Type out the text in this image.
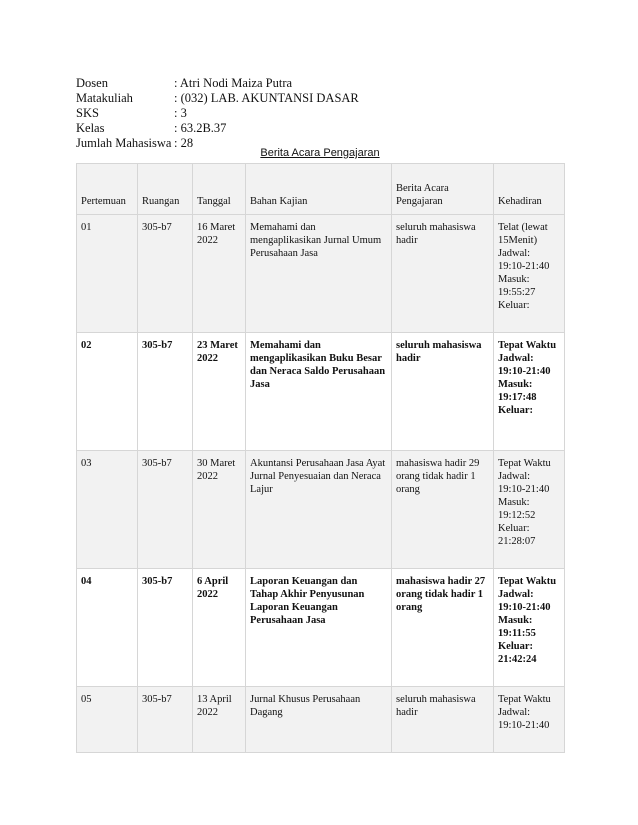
Dosen	: Atri Nodi Maiza Putra
Matakuliah	: (032) LAB. AKUNTANSI DASAR
SKS	: 3
Kelas	: 63.2B.37
Jumlah Mahasiswa : 28
Berita Acara Pengajaran
Pertemuan	Ruangan	Tanggal	Bahan Kajian	Berita Acara Pengajaran	Kehadiran
01	305-b7	16 Maret 2022	Memahami dan mengaplikasikan Jurnal Umum Perusahaan Jasa	seluruh mahasiswa hadir	Telat (lewat 15Menit) Jadwal: 19:10-21:40 Masuk: 19:55:27 Keluar:
02	305-b7	23 Maret 2022	Memahami dan mengaplikasikan Buku Besar dan Neraca Saldo Perusahaan Jasa	seluruh mahasiswa hadir	Tepat Waktu Jadwal: 19:10-21:40 Masuk: 19:17:48 Keluar:
03	305-b7	30 Maret 2022	Akuntansi Perusahaan Jasa Ayat Jurnal Penyesuaian dan Neraca Lajur	mahasiswa hadir 29 orang tidak hadir 1 orang	Tepat Waktu Jadwal: 19:10-21:40 Masuk: 19:12:52 Keluar: 21:28:07
04	305-b7	6 April 2022	Laporan Keuangan dan Tahap Akhir Penyusunan Laporan Keuangan Perusahaan Jasa	mahasiswa hadir 27 orang tidak hadir 1 orang	Tepat Waktu Jadwal: 19:10-21:40 Masuk: 19:11:55 Keluar: 21:42:24
05	305-b7	13 April 2022	Jurnal Khusus Perusahaan Dagang	seluruh mahasiswa hadir	Tepat Waktu Jadwal: 19:10-21:40
